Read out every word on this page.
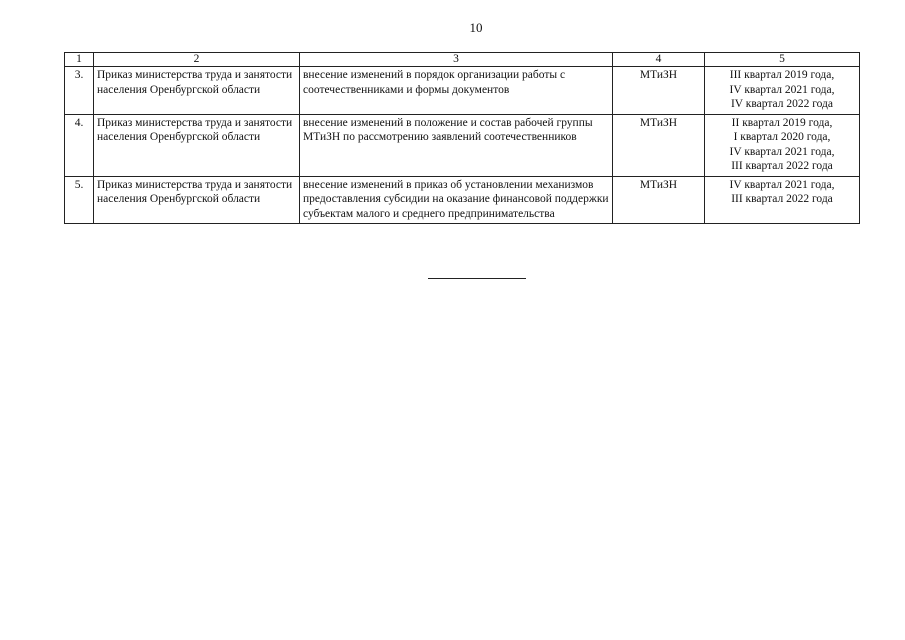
10
1	2	3	4	5
3.	Приказ министерства труда и занятости населения Оренбургской области	внесение изменений в порядок организации работы с соотечественниками и формы документов	МТиЗН	III квартал 2019 года,
IV квартал 2021 года,
IV квартал 2022 года

4.	Приказ министерства труда и занятости населения Оренбургской области	внесение изменений в положение и состав рабочей группы МТиЗН по рассмотрению заявлений соотечественников	МТиЗН	II квартал 2019 года,
I квартал 2020 года,
IV квартал 2021 года,
III квартал 2022 года

5.	Приказ министерства труда и занятости населения Оренбургской области	внесение изменений в приказ об установлении механизмов предоставления субсидии на оказание финансовой поддержки субъектам малого и среднего предпринимательства	МТиЗН	IV квартал 2021 года,
III квартал 2022 года
